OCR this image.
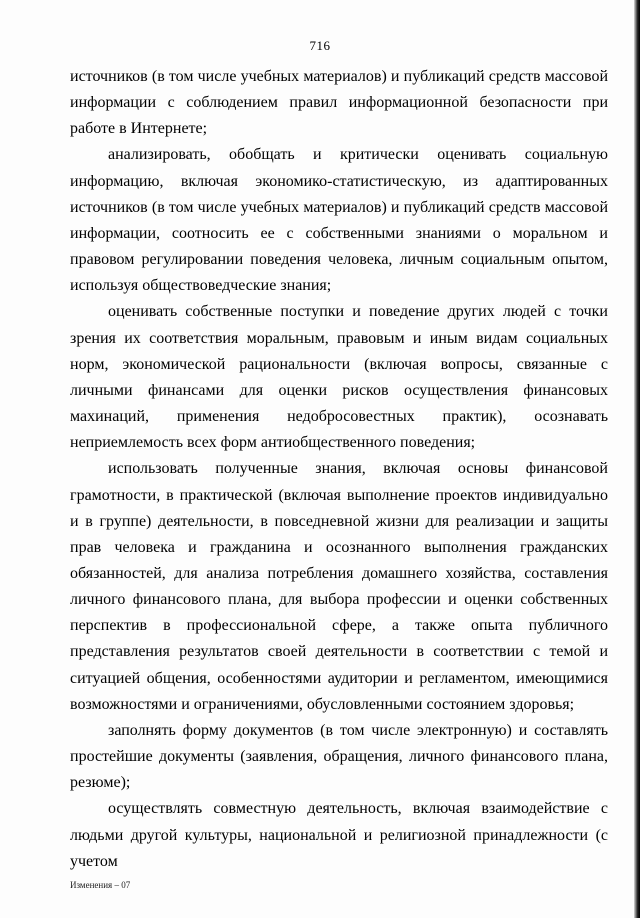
716

источников (в том числе учебных материалов) и публикаций средств массовой информации с соблюдением правил информационной безопасности при работе в Интернете;

анализировать, обобщать и критически оценивать социальную информацию, включая экономико-статистическую, из адаптированных источников (в том числе учебных материалов) и публикаций средств массовой информации, соотносить ее с собственными знаниями о моральном и правовом регулировании поведения человека, личным социальным опытом, используя обществоведческие знания;

оценивать собственные поступки и поведение других людей с точки зрения их соответствия моральным, правовым и иным видам социальных норм, экономической рациональности (включая вопросы, связанные с личными финансами для оценки рисков осуществления финансовых махинаций, применения недобросовестных практик), осознавать неприемлемость всех форм антиобщественного поведения;

использовать полученные знания, включая основы финансовой грамотности, в практической (включая выполнение проектов индивидуально и в группе) деятельности, в повседневной жизни для реализации и защиты прав человека и гражданина и осознанного выполнения гражданских обязанностей, для анализа потребления домашнего хозяйства, составления личного финансового плана, для выбора профессии и оценки собственных перспектив в профессиональной сфере, а также опыта публичного представления результатов своей деятельности в соответствии с темой и ситуацией общения, особенностями аудитории и регламентом, имеющимися возможностями и ограничениями, обусловленными состоянием здоровья;

заполнять форму документов (в том числе электронную) и составлять простейшие документы (заявления, обращения, личного финансового плана, резюме);

осуществлять совместную деятельность, включая взаимодействие с людьми другой культуры, национальной и религиозной принадлежности (с учетом

Изменения – 07
